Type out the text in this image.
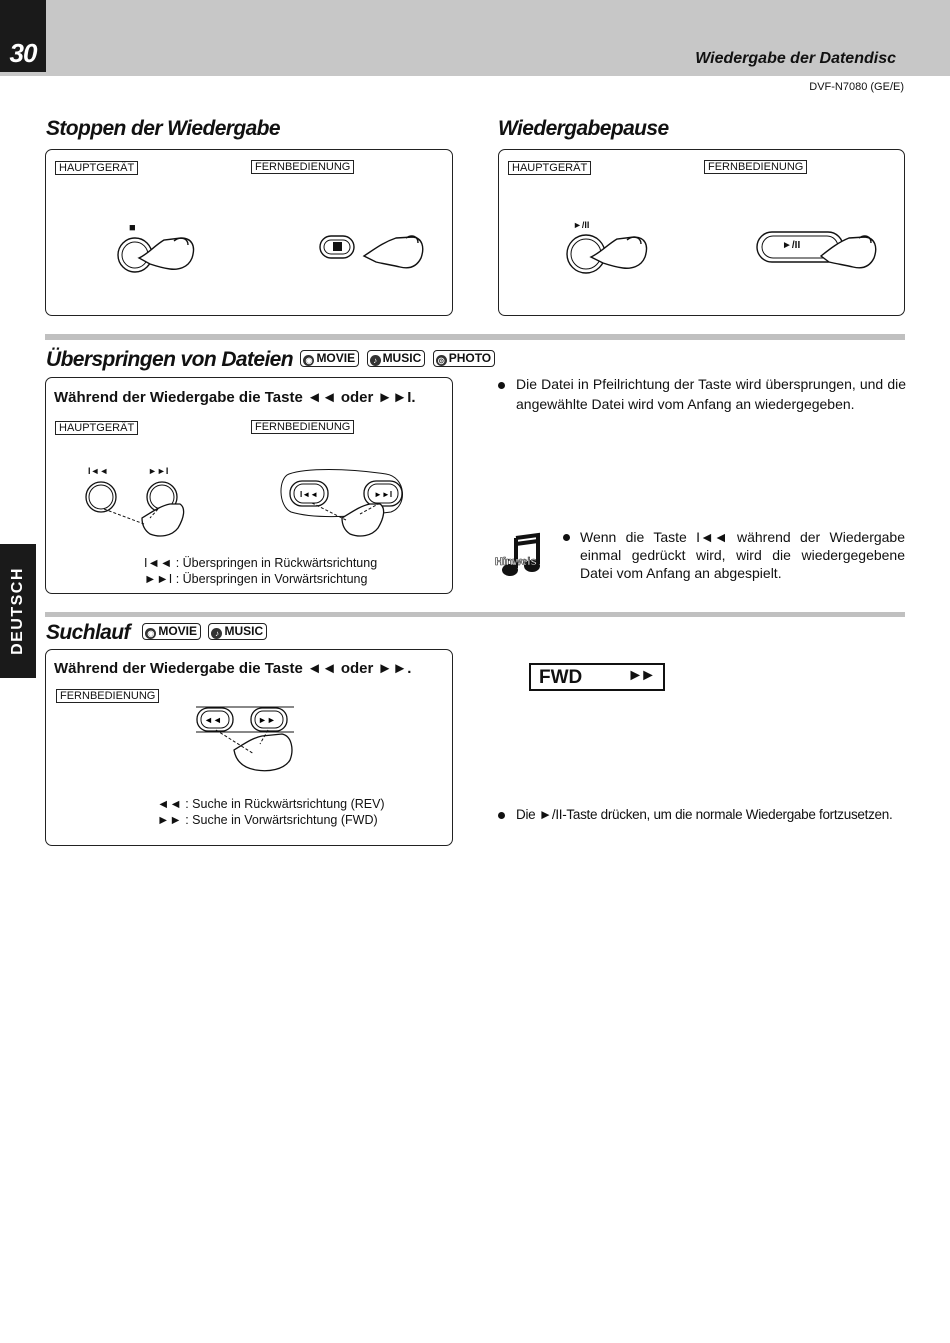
30	Wiedergabe der Datendisc
DVF-N7080 (GE/E)
DEUTSCH
Stoppen der Wiedergabe
HAUPTGERÄT	FERNBEDIENUNG
■
Wiedergabepause
HAUPTGERÄT	FERNBEDIENUNG
►/II
►/II
Überspringen von Dateien ◉ MOVIE ♪ MUSIC ◎ PHOTO
Während der Wiedergabe die Taste ◄◄ oder ►►I.
HAUPTGERÄT	FERNBEDIENUNG
I◄◄	►►I
I◄◄	►►I
I◄◄ : Überspringen in Rückwärtsrichtung
►►I : Überspringen in Vorwärtsrichtung
Die Datei in Pfeilrichtung der Taste wird übersprungen, und die angewählte Datei wird vom Anfang an wiedergegeben.
Hinweis
Wenn die Taste I◄◄ während der Wiedergabe einmal gedrückt wird, wird die wiedergegebene Datei vom Anfang an abgespielt.
Suchlauf ◉ MOVIE ♪ MUSIC
Während der Wiedergabe die Taste ◄◄ oder ►►.
FERNBEDIENUNG
◄◄	►►
◄◄ : Suche in Rückwärtsrichtung (REV)
►► : Suche in Vorwärtsrichtung (FWD)
FWD	►►
Die ►/II-Taste drücken, um die normale Wiedergabe fortzusetzen.
